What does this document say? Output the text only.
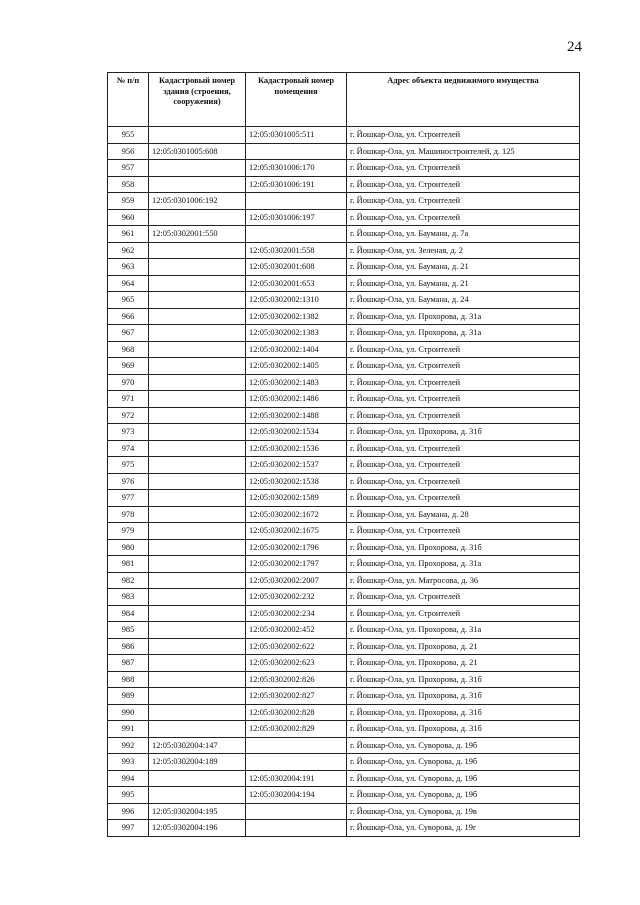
24
№ п/п	Кадастровый номер здания (строения, сооружения)	Кадастровый номер помещения	Адрес объекта недвижимого имущества
955		12:05:0301005:511	г. Йошкар-Ола, ул. Строителей
956	12:05:0301005:608		г. Йошкар-Ола, ул. Машиностроителей, д. 125
957		12:05:0301006:170	г. Йошкар-Ола, ул. Строителей
958		12:05:0301006:191	г. Йошкар-Ола, ул. Строителей
959	12:05:0301006:192		г. Йошкар-Ола, ул. Строителей
960		12:05:0301006:197	г. Йошкар-Ола, ул. Строителей
961	12:05:0302001:550		г. Йошкар-Ола, ул. Баумана, д. 7а
962		12:05:0302001:558	г. Йошкар-Ола, ул. Зеленая, д. 2
963		12:05:0302001:608	г. Йошкар-Ола, ул. Баумана, д. 21
964		12:05:0302001:653	г. Йошкар-Ола, ул. Баумана, д. 21
965		12:05:0302002:1310	г. Йошкар-Ола, ул. Баумана, д. 24
966		12:05:0302002:1382	г. Йошкар-Ола, ул. Прохорова, д. 31а
967		12:05:0302002:1383	г. Йошкар-Ола, ул. Прохорова, д. 31а
968		12:05:0302002:1404	г. Йошкар-Ола, ул. Строителей
969		12:05:0302002:1405	г. Йошкар-Ола, ул. Строителей
970		12:05:0302002:1483	г. Йошкар-Ола, ул. Строителей
971		12:05:0302002:1486	г. Йошкар-Ола, ул. Строителей
972		12:05:0302002:1488	г. Йошкар-Ола, ул. Строителей
973		12:05:0302002:1534	г. Йошкар-Ола, ул. Прохорова, д. 31б
974		12:05:0302002:1536	г. Йошкар-Ола, ул. Строителей
975		12:05:0302002:1537	г. Йошкар-Ола, ул. Строителей
976		12:05:0302002:1538	г. Йошкар-Ола, ул. Строителей
977		12:05:0302002:1589	г. Йошкар-Ола, ул. Строителей
978		12:05:0302002:1672	г. Йошкар-Ола, ул. Баумана, д. 28
979		12:05:0302002:1675	г. Йошкар-Ола, ул. Строителей
980		12:05:0302002:1796	г. Йошкар-Ола, ул. Прохорова, д. 31б
981		12:05:0302002:1797	г. Йошкар-Ола, ул. Прохорова, д. 31а
982		12:05:0302002:2007	г. Йошкар-Ола, ул. Матросова, д. 36
983		12:05:0302002:232	г. Йошкар-Ола, ул. Строителей
984		12:05:0302002:234	г. Йошкар-Ола, ул. Строителей
985		12:05:0302002:452	г. Йошкар-Ола, ул. Прохорова, д. 31а
986		12:05:0302002:622	г. Йошкар-Ола, ул. Прохорова, д. 21
987		12:05:0302002:623	г. Йошкар-Ола, ул. Прохорова, д. 21
988		12:05:0302002:826	г. Йошкар-Ола, ул. Прохорова, д. 31б
989		12:05:0302002:827	г. Йошкар-Ола, ул. Прохорова, д. 31б
990		12:05:0302002:828	г. Йошкар-Ола, ул. Прохорова, д. 31б
991		12:05:0302002:829	г. Йошкар-Ола, ул. Прохорова, д. 31б
992	12:05:0302004:147		г. Йошкар-Ола, ул. Суворова, д. 19б
993	12:05:0302004:189		г. Йошкар-Ола, ул. Суворова, д. 19б
994		12:05:0302004:191	г. Йошкар-Ола, ул. Суворова, д. 19б
995		12:05:0302004:194	г. Йошкар-Ола, ул. Суворова, д. 19б
996	12:05:0302004:195		г. Йошкар-Ола, ул. Суворова, д. 19в
997	12:05:0302004:196		г. Йошкар-Ола, ул. Суворова, д. 19г
